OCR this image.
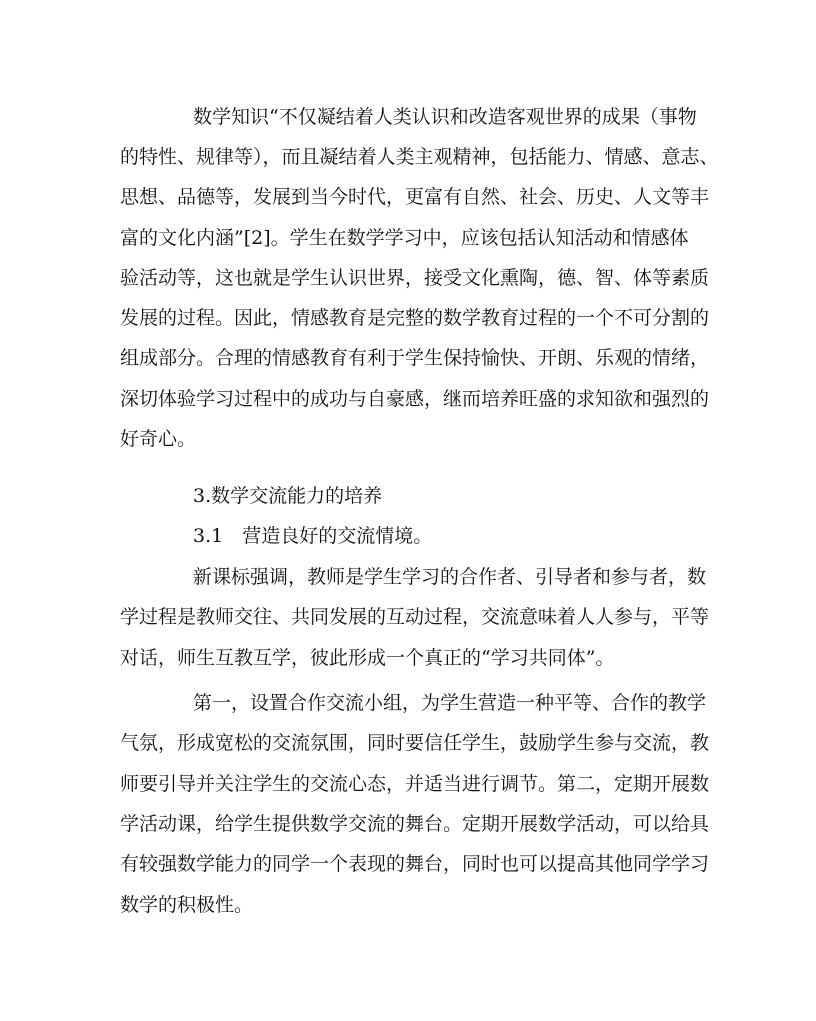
数学知识“不仅凝结着人类认识和改造客观世界的成果（事物
的特性、规律等），而且凝结着人类主观精神，包括能力、情感、意志、
思想、品德等，发展到当今时代，更富有自然、社会、历史、人文等丰
富的文化内涵”[2]。学生在数学学习中，应该包括认知活动和情感体
验活动等，这也就是学生认识世界，接受文化熏陶，德、智、体等素质
发展的过程。因此，情感教育是完整的数学教育过程的一个不可分割的
组成部分。合理的情感教育有利于学生保持愉快、开朗、乐观的情绪，
深切体验学习过程中的成功与自豪感，继而培养旺盛的求知欲和强烈的
好奇心。
3.数学交流能力的培养
3.1　营造良好的交流情境。
新课标强调，教师是学生学习的合作者、引导者和参与者，数
学过程是教师交往、共同发展的互动过程，交流意味着人人参与，平等
对话，师生互教互学，彼此形成一个真正的“学习共同体”。
第一，设置合作交流小组，为学生营造一种平等、合作的教学
气氛，形成宽松的交流氛围，同时要信任学生，鼓励学生参与交流，教
师要引导并关注学生的交流心态，并适当进行调节。第二，定期开展数
学活动课，给学生提供数学交流的舞台。定期开展数学活动，可以给具
有较强数学能力的同学一个表现的舞台，同时也可以提高其他同学学习
数学的积极性。
